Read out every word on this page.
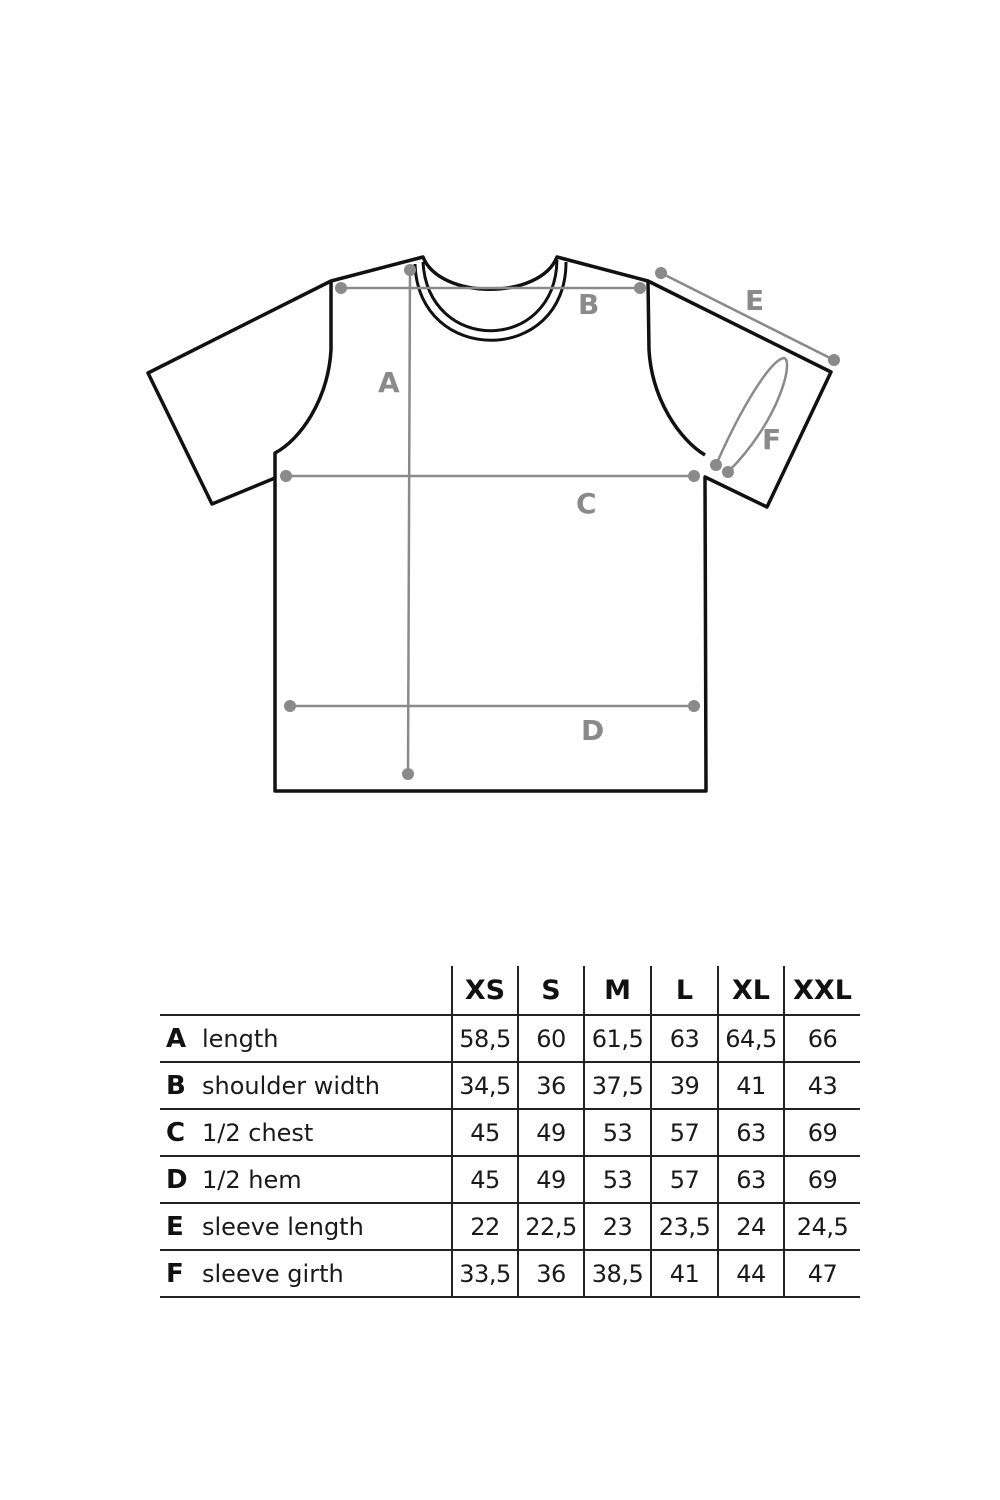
A
B
C
D
E
F
	XS	S	M	L	XL	XXL
A length	58,5	60	61,5	63	64,5	66
B shoulder width	34,5	36	37,5	39	41	43
C 1/2 chest	45	49	53	57	63	69
D 1/2 hem	45	49	53	57	63	69
E sleeve length	22	22,5	23	23,5	24	24,5
F sleeve girth	33,5	36	38,5	41	44	47
